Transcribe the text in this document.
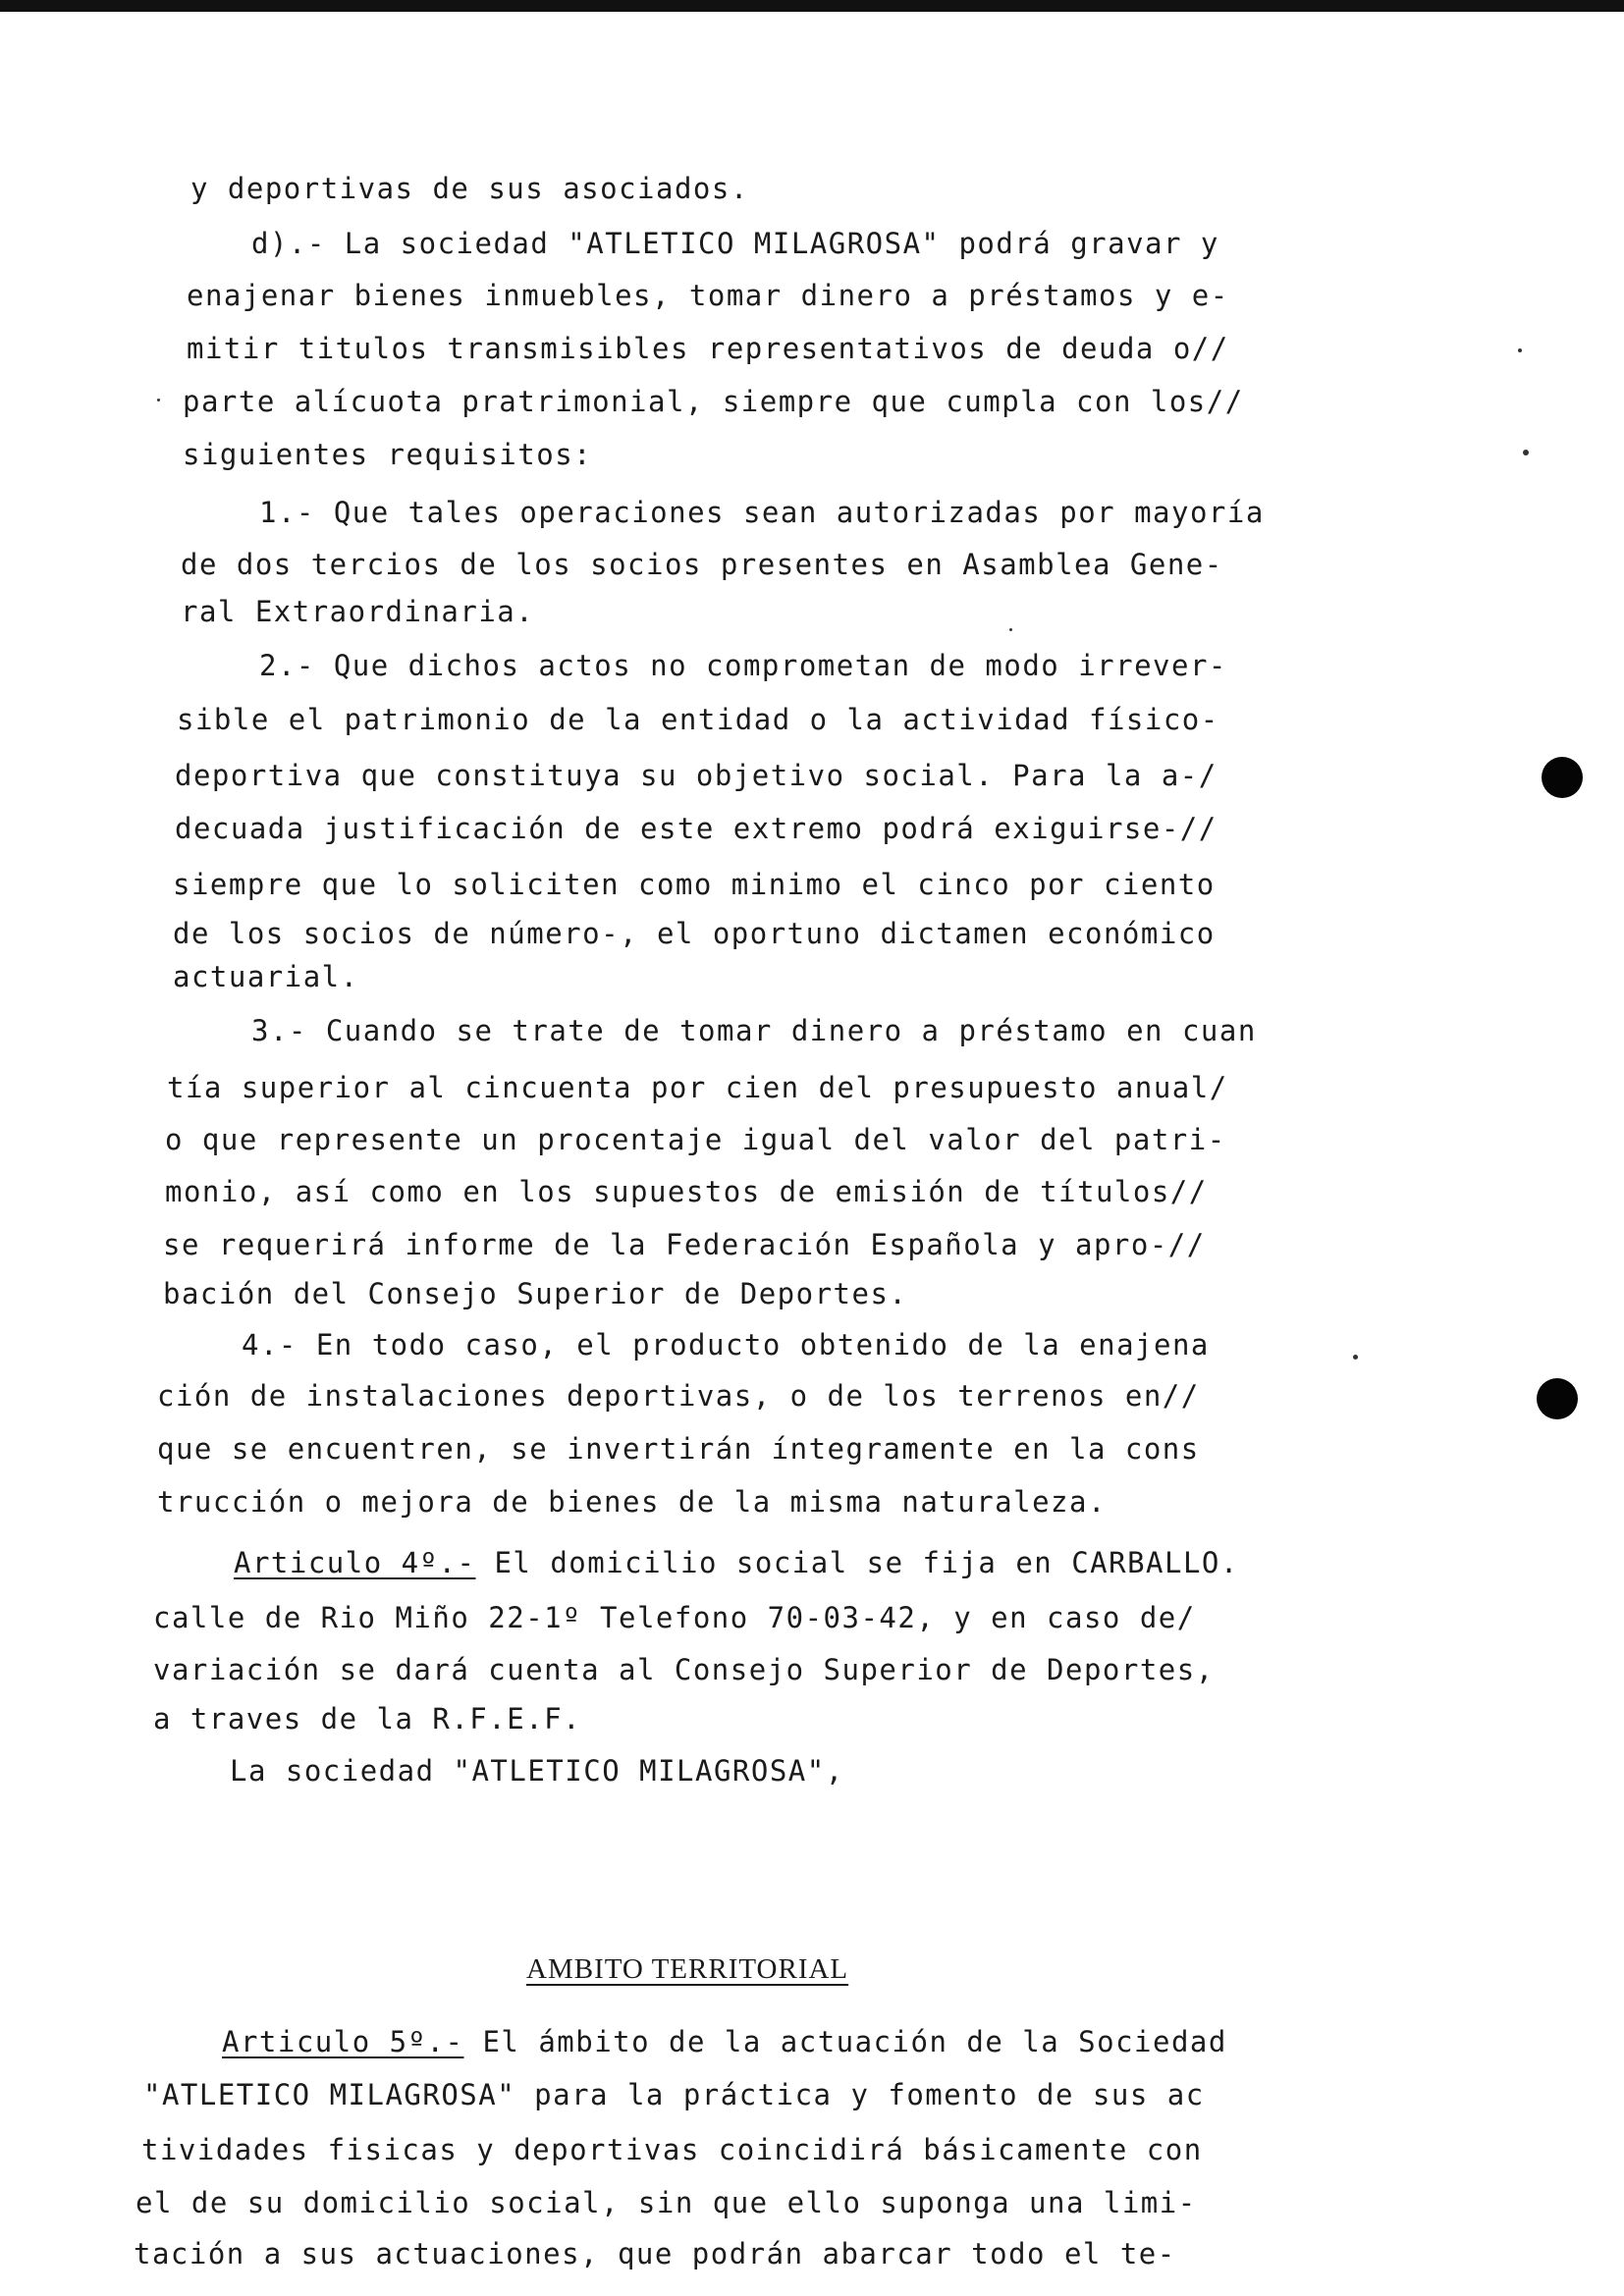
y deportivas de sus asociados.
d).- La sociedad "ATLETICO MILAGROSA" podrá gravar y
enajenar bienes inmuebles, tomar dinero a préstamos y e-
mitir titulos transmisibles representativos de deuda o//
parte alícuota pratrimonial, siempre que cumpla con los//
siguientes requisitos:
1.- Que tales operaciones sean autorizadas por mayoría
de dos tercios de los socios presentes en Asamblea Gene-
ral Extraordinaria.
2.- Que dichos actos no comprometan de modo irrever-
sible el patrimonio de la entidad o la actividad físico-
deportiva que constituya su objetivo social. Para la a-/
decuada justificación de este extremo podrá exiguirse-//
siempre que lo soliciten como minimo el cinco por ciento
de los socios de número-, el oportuno dictamen económico
actuarial.
3.- Cuando se trate de tomar dinero a préstamo en cuan
tía superior al cincuenta por cien del presupuesto anual/
o que represente un procentaje igual del valor del patri-
monio, así como en los supuestos de emisión de títulos//
se requerirá informe de la Federación Española y apro-//
bación del Consejo Superior de Deportes.
4.- En todo caso, el producto obtenido de la enajena
ción de instalaciones deportivas, o de los terrenos en//
que se encuentren, se invertirán íntegramente en la cons
trucción o mejora de bienes de la misma naturaleza.
Articulo 4º.- El domicilio social se fija en CARBALLO.
calle de Rio Miño 22-1º Telefono 70-03-42, y en caso de/
variación se dará cuenta al Consejo Superior de Deportes,
a traves de la R.F.E.F.
La sociedad "ATLETICO MILAGROSA",
AMBITO TERRITORIAL
Articulo 5º.- El ámbito de la actuación de la Sociedad
"ATLETICO MILAGROSA" para la práctica y fomento de sus ac
tividades fisicas y deportivas coincidirá básicamente con
el de su domicilio social, sin que ello suponga una limi-
tación a sus actuaciones, que podrán abarcar todo el te-
